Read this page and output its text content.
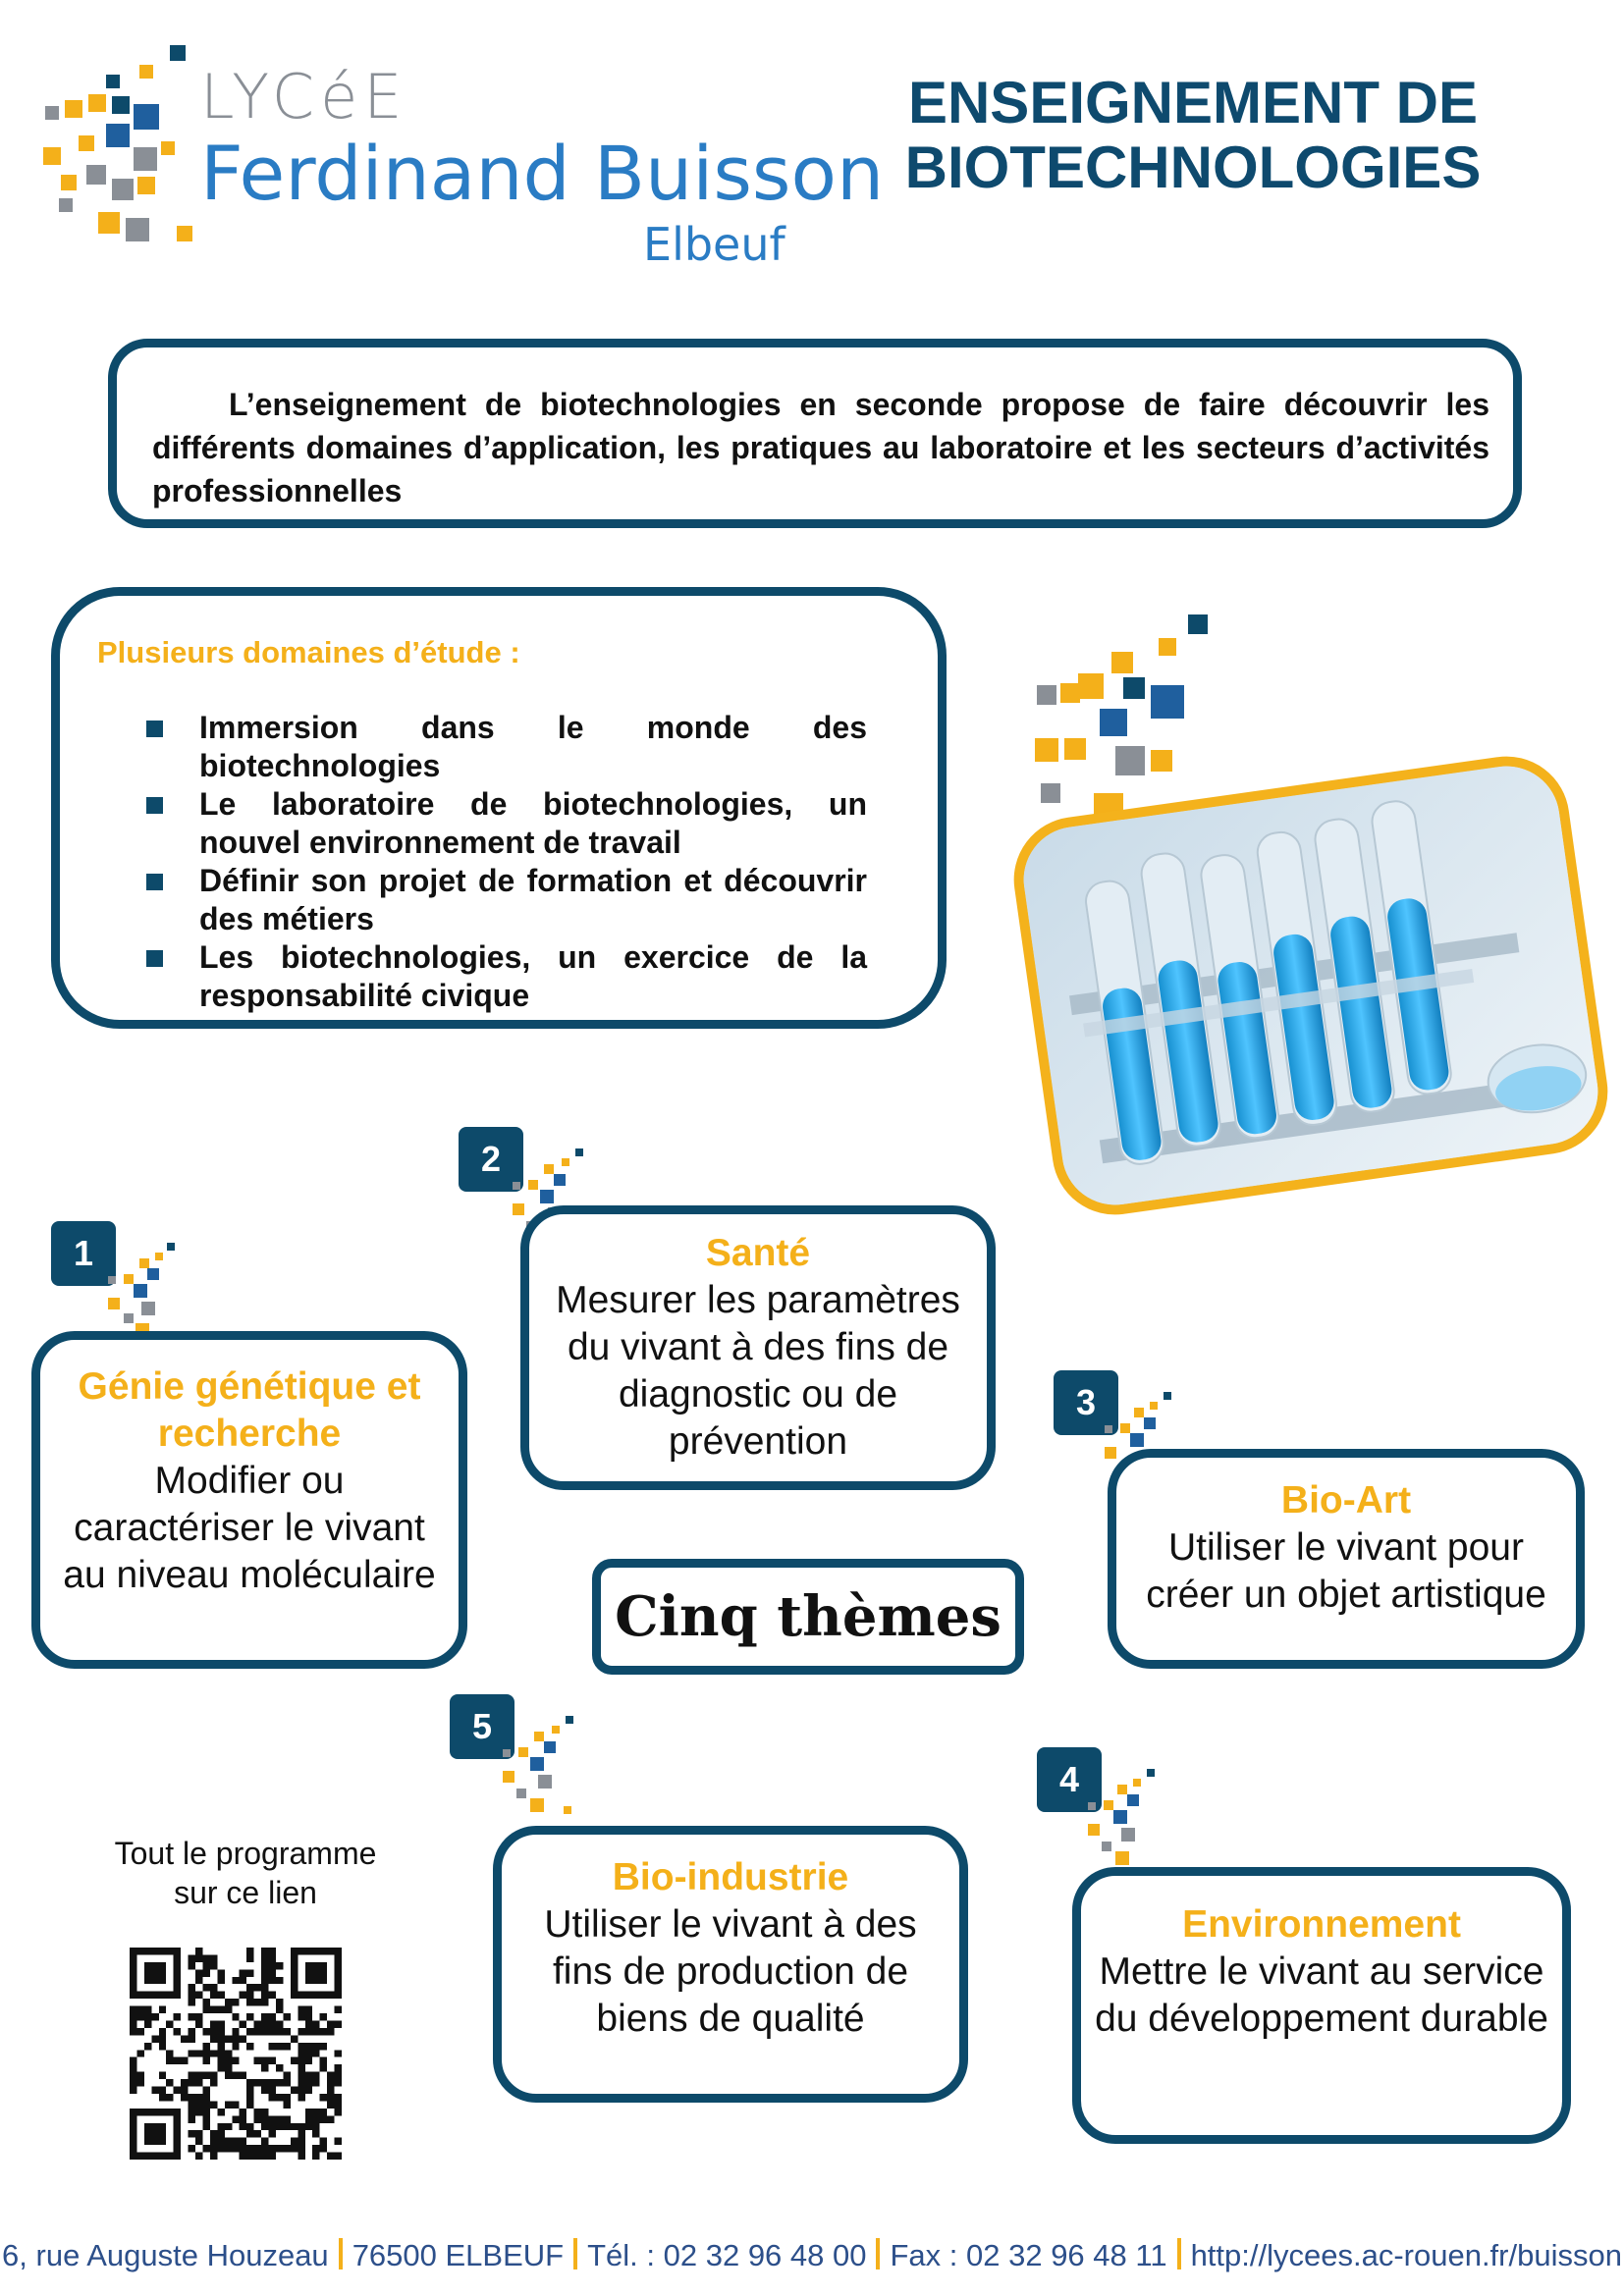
LYCéE
Ferdinand Buisson
Elbeuf
ENSEIGNEMENT DE
BIOTECHNOLOGIES
L’enseignement de biotechnologies en seconde propose de faire découvrir les différents domaines d’application, les pratiques au laboratoire et les secteurs d’activités professionnelles
Plusieurs domaines d’étude :
Immersion dans le monde des biotechnologies
Le laboratoire de biotechnologies, un nouvel environnement de travail
Définir son projet de formation et découvrir des métiers
Les biotechnologies, un exercice de la responsabilité civique
1
Génie génétique et recherche
Modifier ou caractériser le vivant au niveau moléculaire
2
Santé
Mesurer les paramètres du vivant à des fins de diagnostic ou de prévention
3
Bio-Art
Utiliser le vivant pour créer un objet artistique
Cinq thèmes
5
Bio-industrie
Utiliser le vivant à des fins de production de biens de qualité
4
Environnement
Mettre le vivant au service du développement durable
Tout le programme
sur ce lien
6, rue Auguste Houzeau 76500 ELBEUF Tél. : 02 32 96 48 00 Fax : 02 32 96 48 11 http://lycees.ac-rouen.fr/buisson
